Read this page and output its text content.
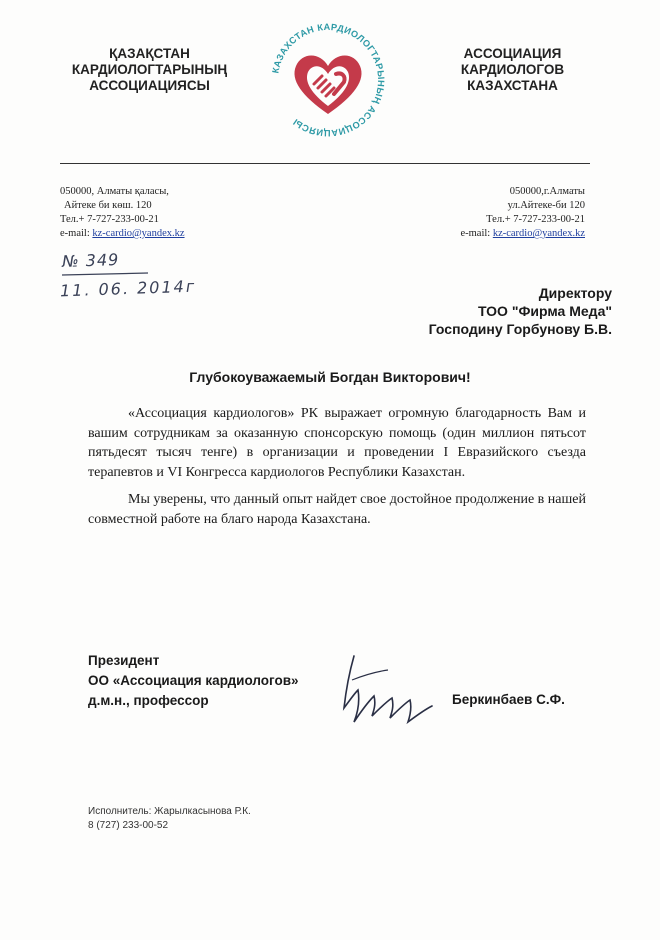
ҚАЗАҚСТАН
КАРДИОЛОГТАРЫНЫҢ
АССОЦИАЦИЯСЫ
КАЗАХСТАН КАРДИОЛОГТАРЫНЫҢ АССОЦИАЦИЯСЫ
АССОЦИАЦИЯ
КАРДИОЛОГОВ
КАЗАХСТАНА
050000, Алматы қаласы,
Айтеке би көш. 120
Тел.+ 7-727-233-00-21
e-mail: kz-cardio@yandex.kz
050000,г.Алматы
ул.Айтеке-би 120
Тел.+ 7-727-233-00-21
e-mail: kz-cardio@yandex.kz
№ 349
11. 06. 2014г	Директору
ТОО "Фирма Меда"
Господину Горбунову Б.В.
Глубокоуважаемый Богдан Викторович!

«Ассоциация кардиологов» РК выражает огромную благодарность Вам и вашим сотрудникам за оказанную спонсорскую помощь (один миллион пятьсот пятьдесят тысяч тенге) в организации и проведении I Евразийского съезда терапевтов и VI Конгресса кардиологов Республики Казахстан.

Мы уверены, что данный опыт найдет свое достойное продолжение в нашей совместной работе на благо народа Казахстана.

Президент
ОО «Ассоциация кардиологов»
д.м.н., профессор	Беркинбаев С.Ф.
Исполнитель: Жарылкасынова Р.К.
8 (727) 233-00-52
